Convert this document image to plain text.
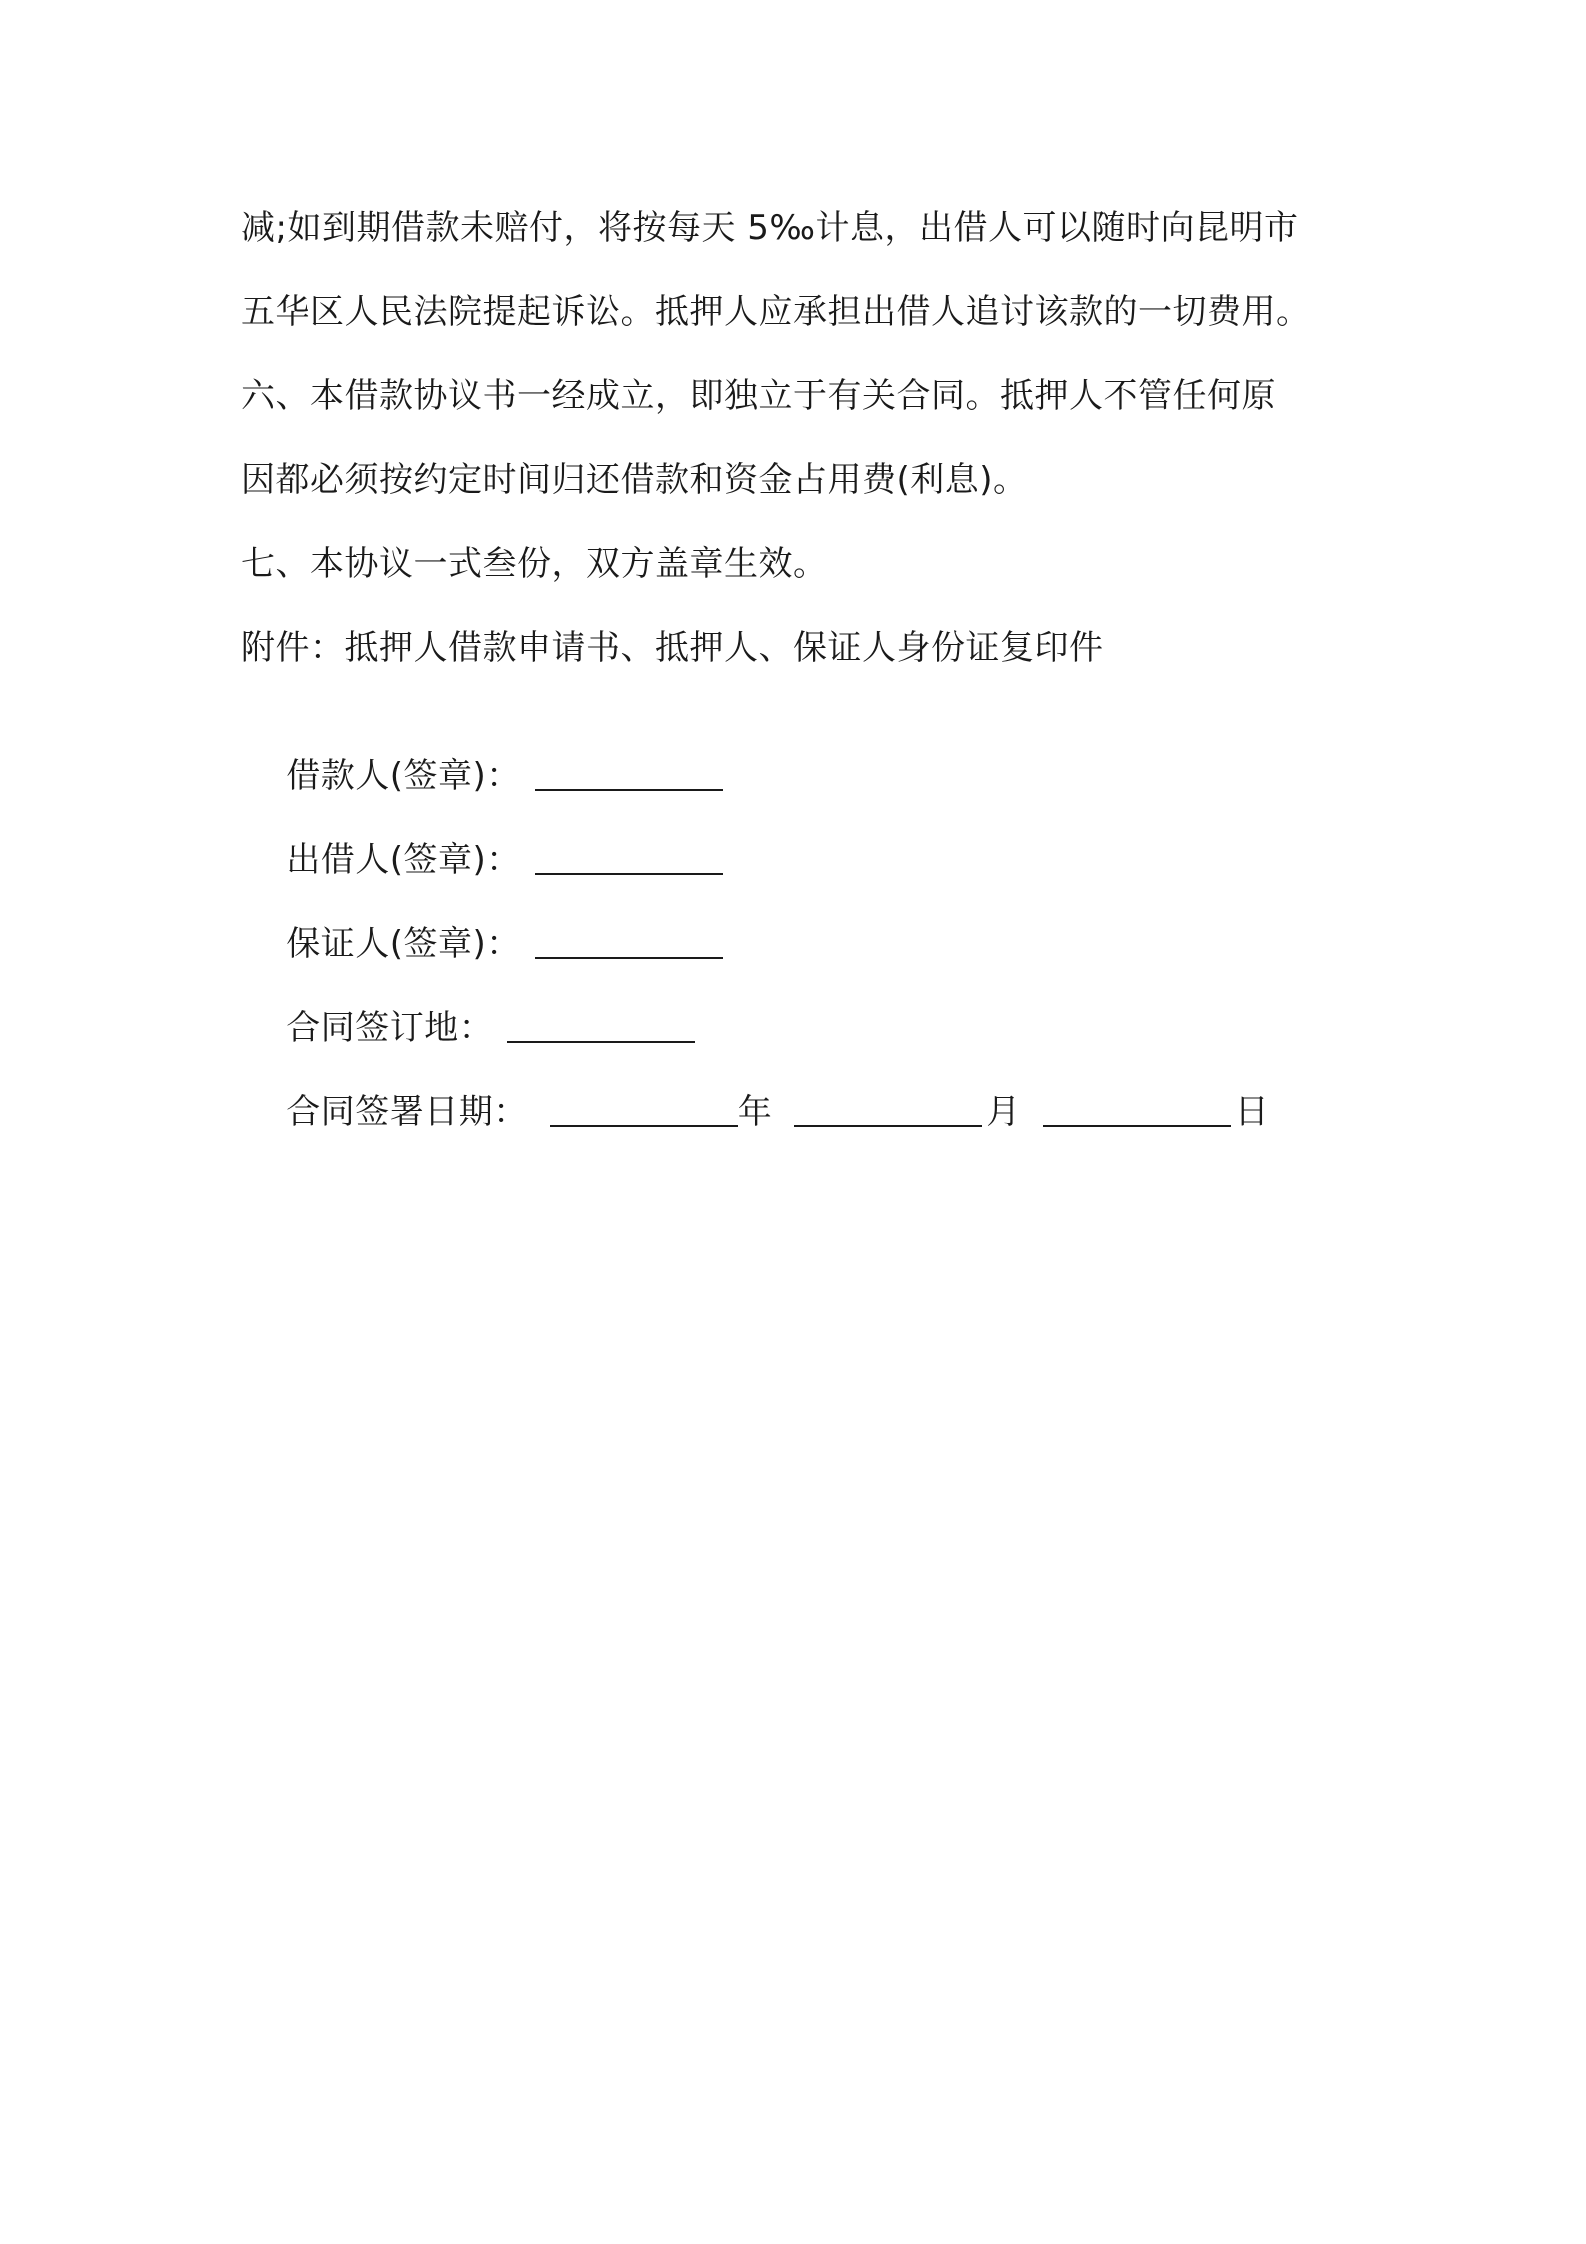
减;如到期借款未赔付，将按每天 5‰计息，出借人可以随时向昆明市
五华区人民法院提起诉讼。抵押人应承担出借人追讨该款的一切费用。
六、本借款协议书一经成立，即独立于有关合同。抵押人不管任何原
因都必须按约定时间归还借款和资金占用费(利息)。
七、本协议一式叁份，双方盖章生效。
附件：抵押人借款申请书、抵押人、保证人身份证复印件

借款人(签章)：

出借人(签章)：

保证人(签章)：

合同签订地：

合同签署日期：	年	月	日
